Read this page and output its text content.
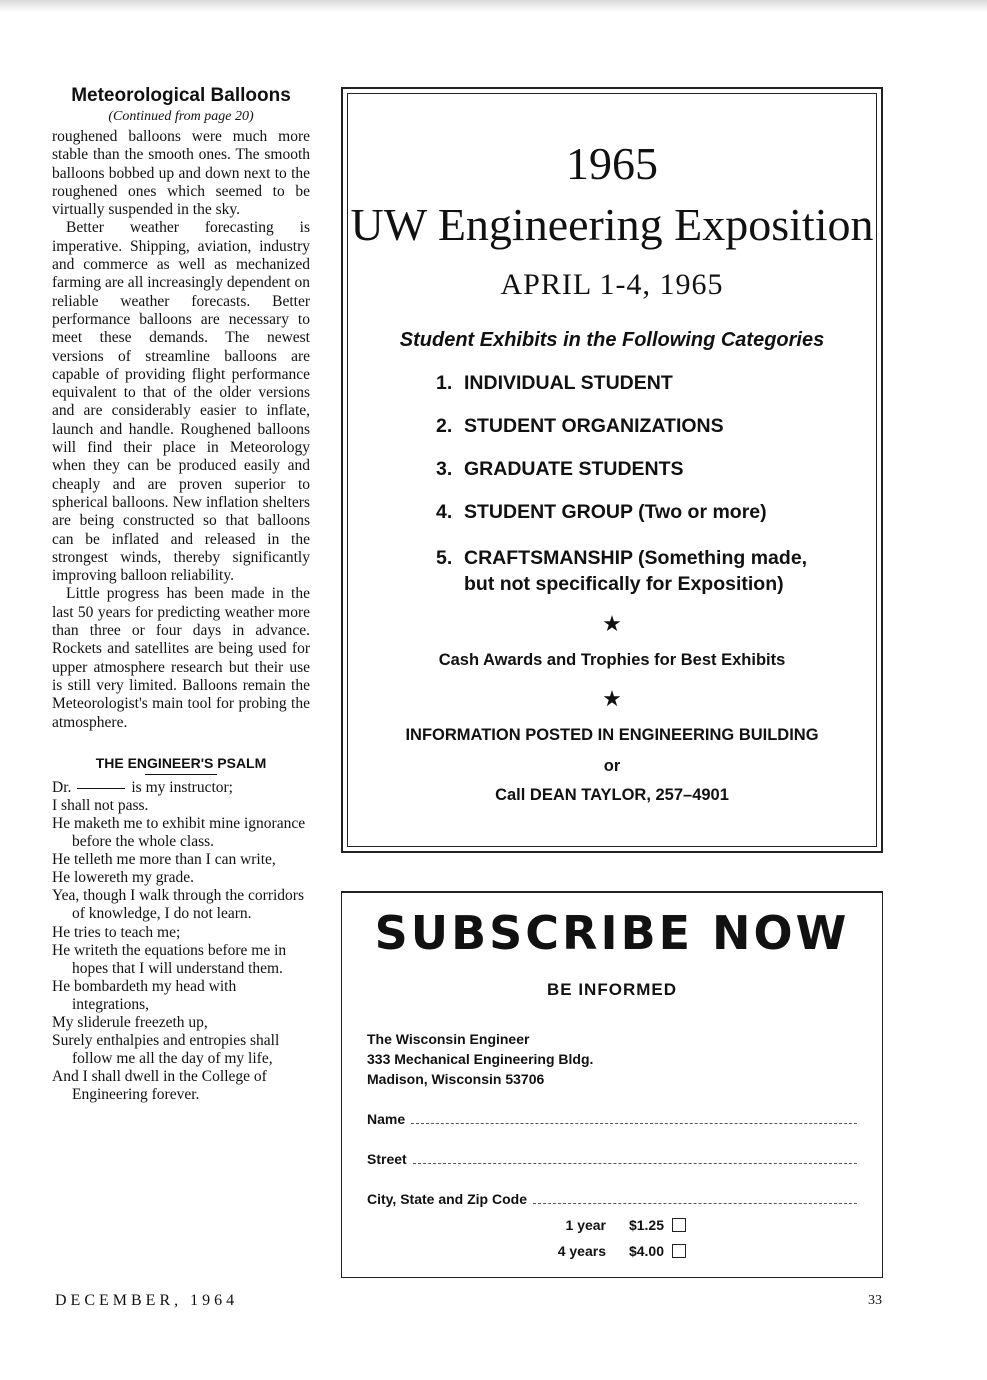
Meteorological Balloons
(Continued from page 20)

roughened balloons were much more stable than the smooth ones. The smooth balloons bobbed up and down next to the roughened ones which seemed to be virtually suspended in the sky.

Better weather forecasting is imperative. Shipping, aviation, industry and commerce as well as mechanized farming are all increasingly dependent on reliable weather forecasts. Better performance balloons are necessary to meet these demands. The newest versions of streamline balloons are capable of providing flight performance equivalent to that of the older versions and are considerably easier to inflate, launch and handle. Roughened balloons will find their place in Meteorology when they can be produced easily and cheaply and are proven superior to spherical balloons. New inflation shelters are being constructed so that balloons can be inflated and released in the strongest winds, thereby significantly improving balloon reliability.

Little progress has been made in the last 50 years for predicting weather more than three or four days in advance. Rockets and satellites are being used for upper atmosphere research but their use is still very limited. Balloons remain the Meteorologist's main tool for probing the atmosphere.

THE ENGINEER'S PSALM
Dr.	is my instructor;
I shall not pass.
He maketh me to exhibit mine ignorance before the whole class.
He telleth me more than I can write,
He lowereth my grade.
Yea, though I walk through the corridors of knowledge, I do not learn.
He tries to teach me;
He writeth the equations before me in hopes that I will understand them.
He bombardeth my head with integrations,
My sliderule freezeth up,
Surely enthalpies and entropies shall follow me all the day of my life,
And I shall dwell in the College of Engineering forever.
DECEMBER, 1964	33
1965
UW Engineering Exposition
APRIL 1-4, 1965
Student Exhibits in the Following Categories
1. INDIVIDUAL STUDENT
2. STUDENT ORGANIZATIONS
3. GRADUATE STUDENTS
4. STUDENT GROUP (Two or more)
5. CRAFTSMANSHIP (Something made,
but not specifically for Exposition)
★
Cash Awards and Trophies for Best Exhibits
★
INFORMATION POSTED IN ENGINEERING BUILDING
or
Call DEAN TAYLOR, 257–4901
SUBSCRIBE NOW
BE INFORMED
The Wisconsin Engineer
333 Mechanical Engineering Bldg.
Madison, Wisconsin 53706
Name
Street
City, State and Zip Code
1 year $1.25
4 years $4.00
